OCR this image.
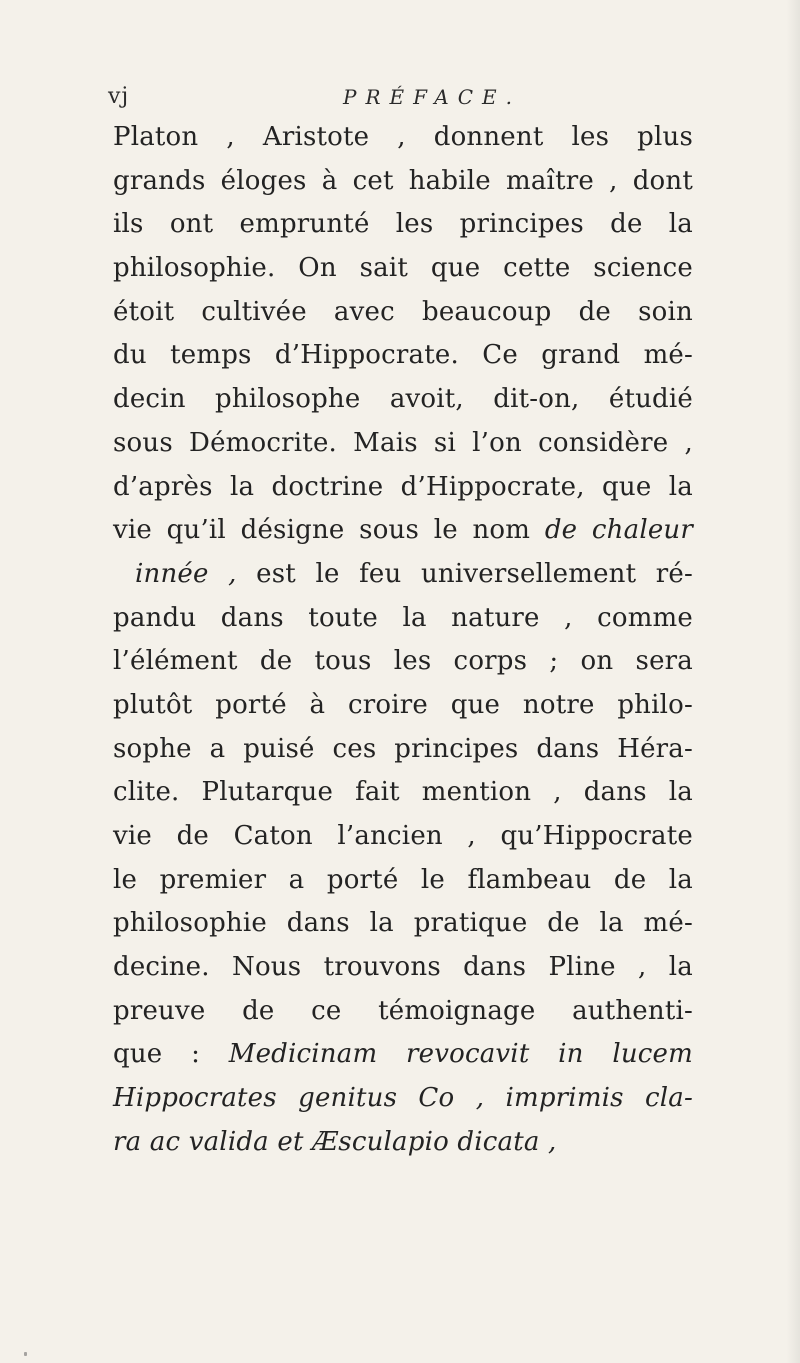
vj	PRÉFACE.
Platon , Aristote , donnent les plus
grands éloges à cet habile maître , dont
ils ont emprunté les principes de la
philosophie. On sait que cette science
étoit cultivée avec beaucoup de soin
du temps d’Hippocrate. Ce grand mé-
decin philosophe avoit, dit-on, étudié
sous Démocrite. Mais si l’on considère ,
d’après la doctrine d’Hippocrate, que la
vie qu’il désigne sous le nom de chaleur
innée , est le feu universellement ré-
pandu dans toute la nature , comme
l’élément de tous les corps ; on sera
plutôt porté à croire que notre philo-
sophe a puisé ces principes dans Héra-
clite. Plutarque fait mention , dans la
vie de Caton l’ancien , qu’Hippocrate
le premier a porté le flambeau de la
philosophie dans la pratique de la mé-
decine. Nous trouvons dans Pline , la
preuve de ce témoignage authenti-
que : Medicinam revocavit in lucem
Hippocrates genitus Co , imprimis cla-
ra ac valida et Æsculapio dicata ,
